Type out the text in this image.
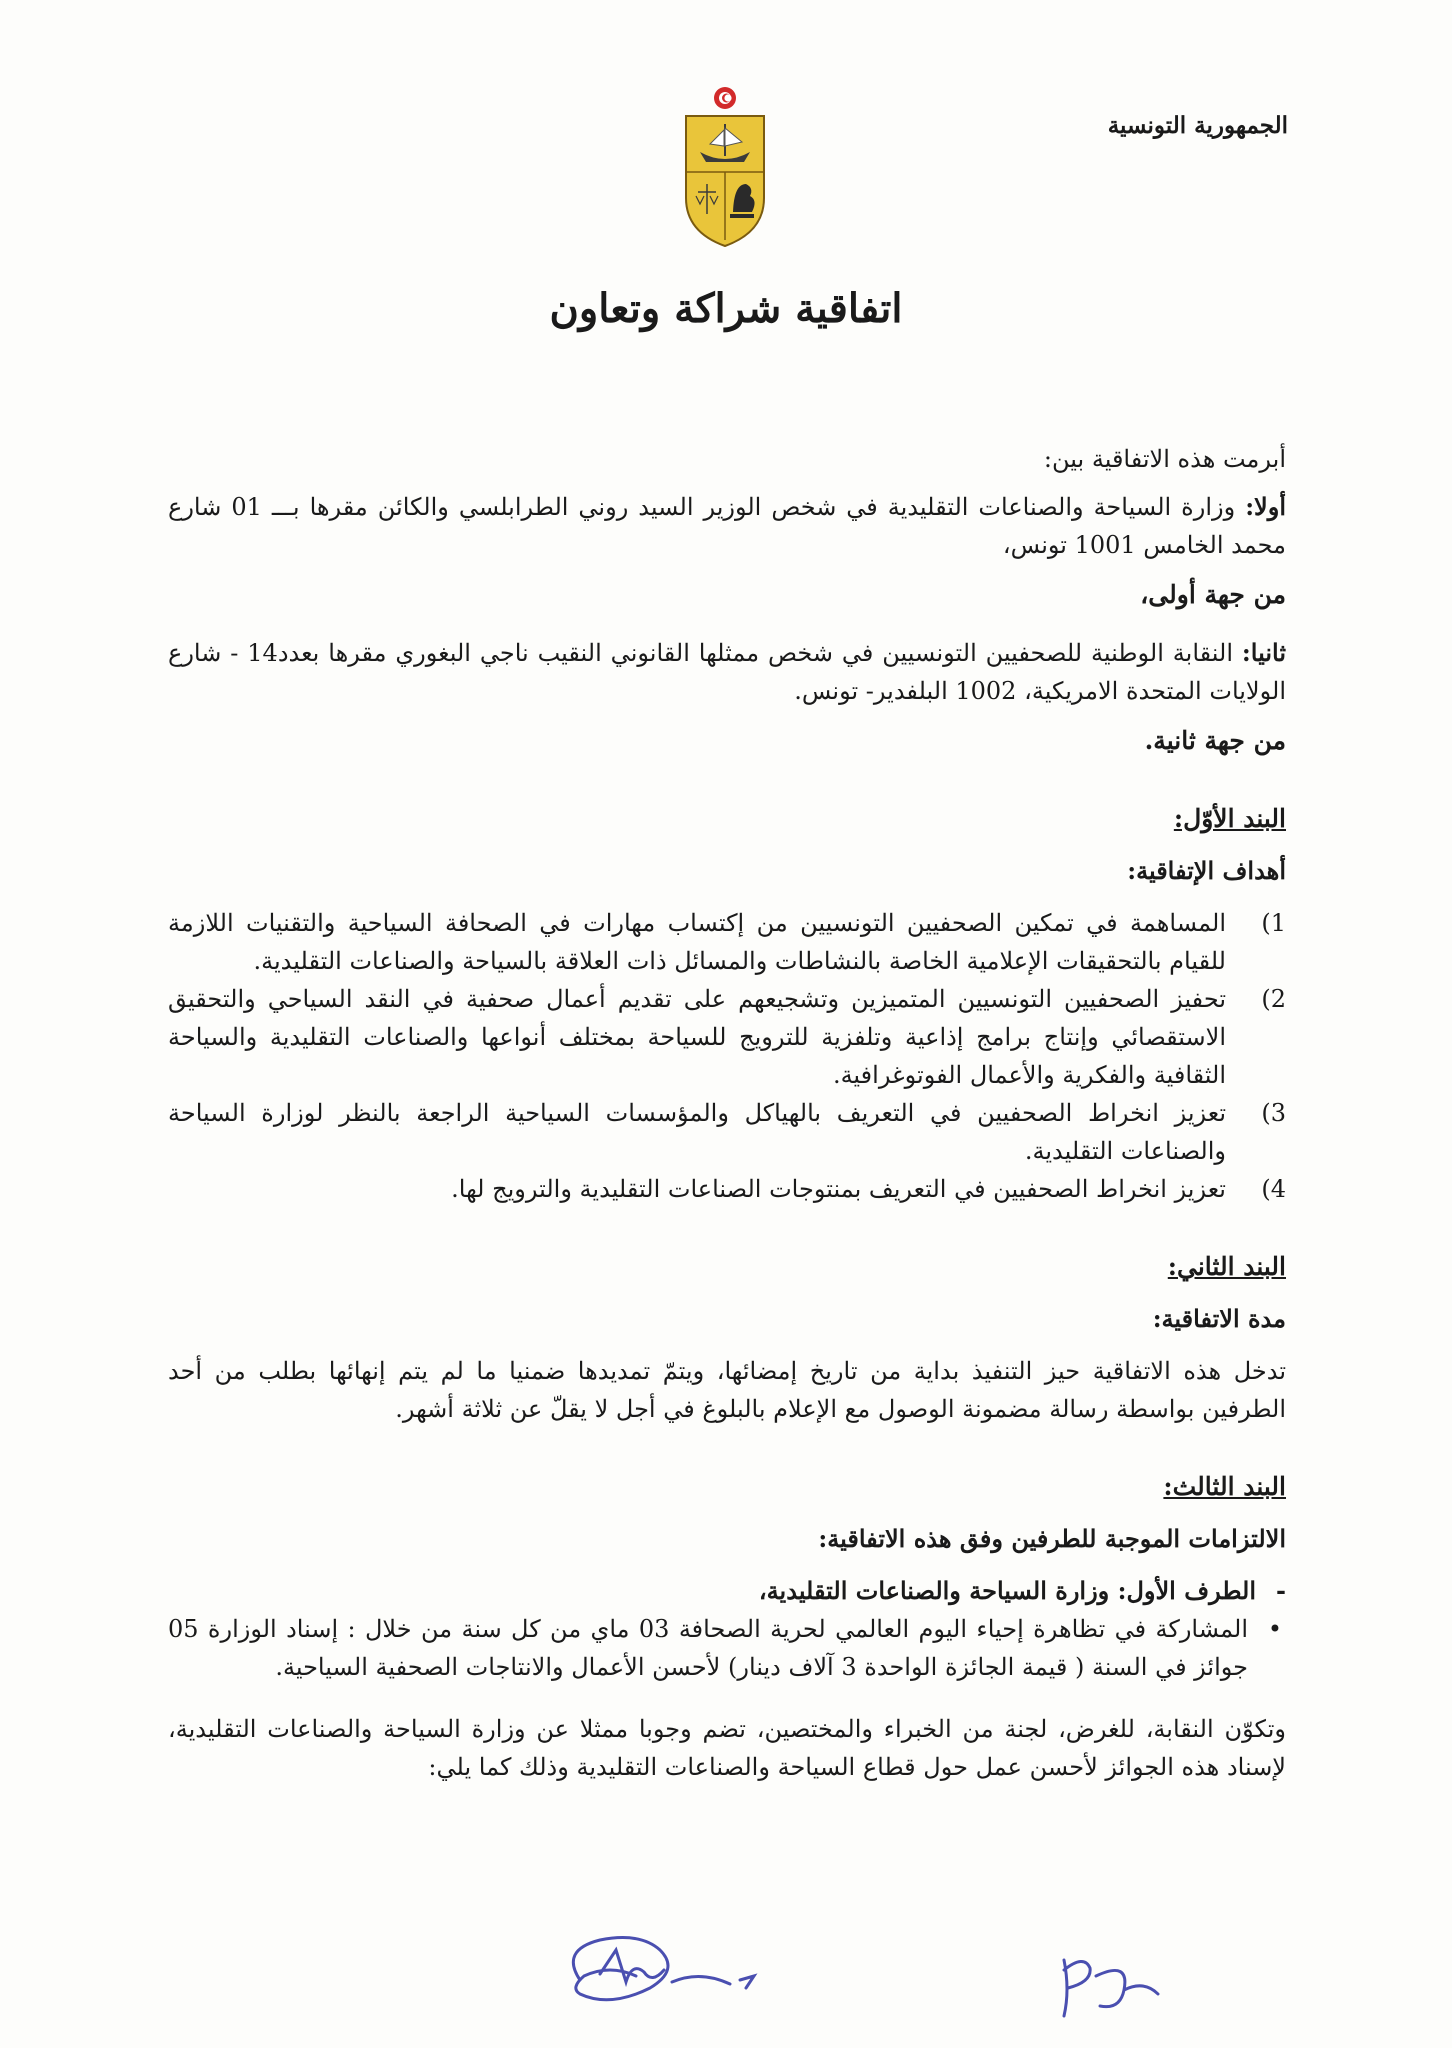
الجمهورية التونسية

اتفاقية شراكة وتعاون

أبرمت هذه الاتفاقية بين:

أولا: وزارة السياحة والصناعات التقليدية في شخص الوزير السيد روني الطرابلسي والكائن مقرها بـــ 01 شارع محمد الخامس 1001 تونس،

من جهة أولى،

ثانيا: النقابة الوطنية للصحفيين التونسيين في شخص ممثلها القانوني النقيب ناجي البغوري مقرها بعدد14 - شارع الولايات المتحدة الامريكية، 1002 البلفدير- تونس.

من جهة ثانية.

البند الأوّل:

أهداف الإتفاقية:

1)
المساهمة في تمكين الصحفيين التونسيين من إكتساب مهارات في الصحافة السياحية والتقنيات اللازمة للقيام بالتحقيقات الإعلامية الخاصة بالنشاطات والمسائل ذات العلاقة بالسياحة والصناعات التقليدية.
2)
تحفيز الصحفيين التونسيين المتميزين وتشجيعهم على تقديم أعمال صحفية في النقد السياحي والتحقيق الاستقصائي وإنتاج برامج إذاعية وتلفزية للترويج للسياحة بمختلف أنواعها والصناعات التقليدية والسياحة الثقافية والفكرية والأعمال الفوتوغرافية.
3)
تعزيز انخراط الصحفيين في التعريف بالهياكل والمؤسسات السياحية الراجعة بالنظر لوزارة السياحة والصناعات التقليدية.
4)
تعزيز انخراط الصحفيين في التعريف بمنتوجات الصناعات التقليدية والترويج لها.

البند الثاني:

مدة الاتفاقية:

تدخل هذه الاتفاقية حيز التنفيذ بداية من تاريخ إمضائها، ويتمّ تمديدها ضمنيا ما لم يتم إنهائها بطلب من أحد الطرفين بواسطة رسالة مضمونة الوصول مع الإعلام بالبلوغ في أجل لا يقلّ عن ثلاثة أشهر.

البند الثالث:

الالتزامات الموجبة للطرفين وفق هذه الاتفاقية:

-
الطرف الأول: وزارة السياحة والصناعات التقليدية،

•
المشاركة في تظاهرة إحياء اليوم العالمي لحرية الصحافة 03 ماي من كل سنة من خلال : إسناد الوزارة 05 جوائز في السنة ( قيمة الجائزة الواحدة 3 آلاف دينار) لأحسن الأعمال والانتاجات الصحفية السياحية.

وتكوّن النقابة، للغرض، لجنة من الخبراء والمختصين، تضم وجوبا ممثلا عن وزارة السياحة والصناعات التقليدية، لإسناد هذه الجوائز لأحسن عمل حول قطاع السياحة والصناعات التقليدية وذلك كما يلي:
